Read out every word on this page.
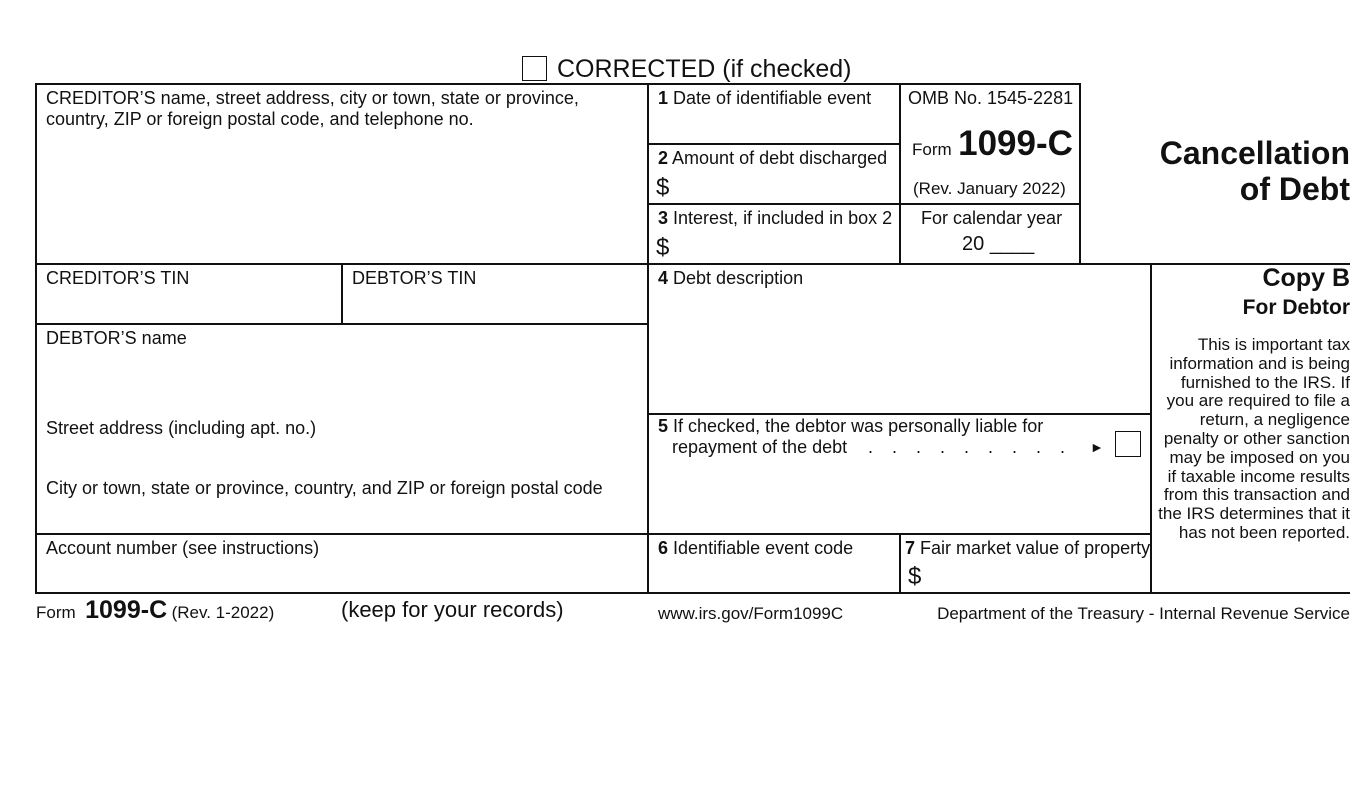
CORRECTED (if checked)
CREDITOR’S name, street address, city or town, state or province, country, ZIP or foreign postal code, and telephone no.
1 Date of identifiable event
2 Amount of debt discharged
$
3 Interest, if included in box 2
$
OMB No. 1545-2281
Form 1099-C
(Rev. January 2022)
For calendar year
20 ____
Cancellation
of Debt
CREDITOR’S TIN	DEBTOR’S TIN
DEBTOR’S name
Street address (including apt. no.)
City or town, state or province, country, and ZIP or foreign postal code
4 Debt description
5 If checked, the debtor was personally liable for
repayment of the debt . . . . . . . . . ►
Account number (see instructions)	6 Identifiable event code	7 Fair market value of property
$
Copy B
For Debtor
This is important tax information and is being furnished to the IRS. If you are required to file a return, a negligence penalty or other sanction may be imposed on you if taxable income results from this transaction and the IRS determines that it has not been reported.
Form 1099-C (Rev. 1-2022)	(keep for your records)	www.irs.gov/Form1099C	Department of the Treasury - Internal Revenue Service
